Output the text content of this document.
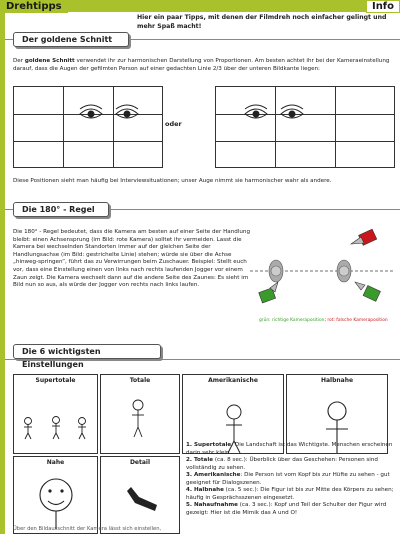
Drehtipps	Info
Hier ein paar Tipps, mit denen der Filmdreh noch einfacher gelingt und mehr Spaß macht!
Der goldene Schnitt
Der goldene Schnitt verwendet ihr zur harmonischen Darstellung von Proportionen. Am besten achtet ihr bei der Kameraeinstellung darauf, dass die Augen der gefilmten Person auf einer gedachten Linie 2/3 über der unteren Bildkante liegen:
oder
Diese Positionen sieht man häufig bei Interviewsituationen; unser Auge nimmt sie harmonischer wahr als andere.
Die 180° - Regel
Die 180° - Regel bedeutet, dass die Kamera am besten auf einer Seite der Handlung bleibt: einen Achsensprung (im Bild: rote Kamera) solltet ihr vermeiden. Lasst die Kamera bei wechselnden Standorten immer auf der gleichen Seite der Handlungsachse (im Bild: gestrichelte Linie) stehen; würde sie über die Achse „hinweg-springen“, führt das zu Verwirrungen beim Zuschauer. Beispiel: Stellt euch vor, dass eine Einstellung einen von links nach rechts laufenden Jogger vor einem Zaun zeigt. Die Kamera wechselt dann auf die andere Seite des Zaunes: Es sieht im Bild nun so aus, als würde der Jogger von rechts nach links laufen.
grün: richtige Kameraposition; rot: falsche Kameraposition
Die 6 wichtigsten Einstellungen
Supertotale	Totale	Amerikanische	Halbnahe
Nahe	Detail
1. Supertotale: Die Landschaft ist das Wichtigste. Menschen erscheinen darin sehr klein.
2. Totale (ca. 8 sec.): Überblick über das Geschehen: Personen sind vollständig zu sehen.
3. Amerikanische: Die Person ist vom Kopf bis zur Hüfte zu sehen - gut geeignet für Dialogszenen.
4. Halbnahe (ca. 5 sec.): Die Figur ist bis zur Mitte des Körpers zu sehen; häufig in Gesprächsszenen eingesetzt.
5. Nahaufnahme (ca. 3 sec.): Kopf und Teil der Schulter der Figur wird gezeigt: Hier ist die Mimik das A und O!
Über den Bildausschnitt der Kamera lässt sich einstellen,
